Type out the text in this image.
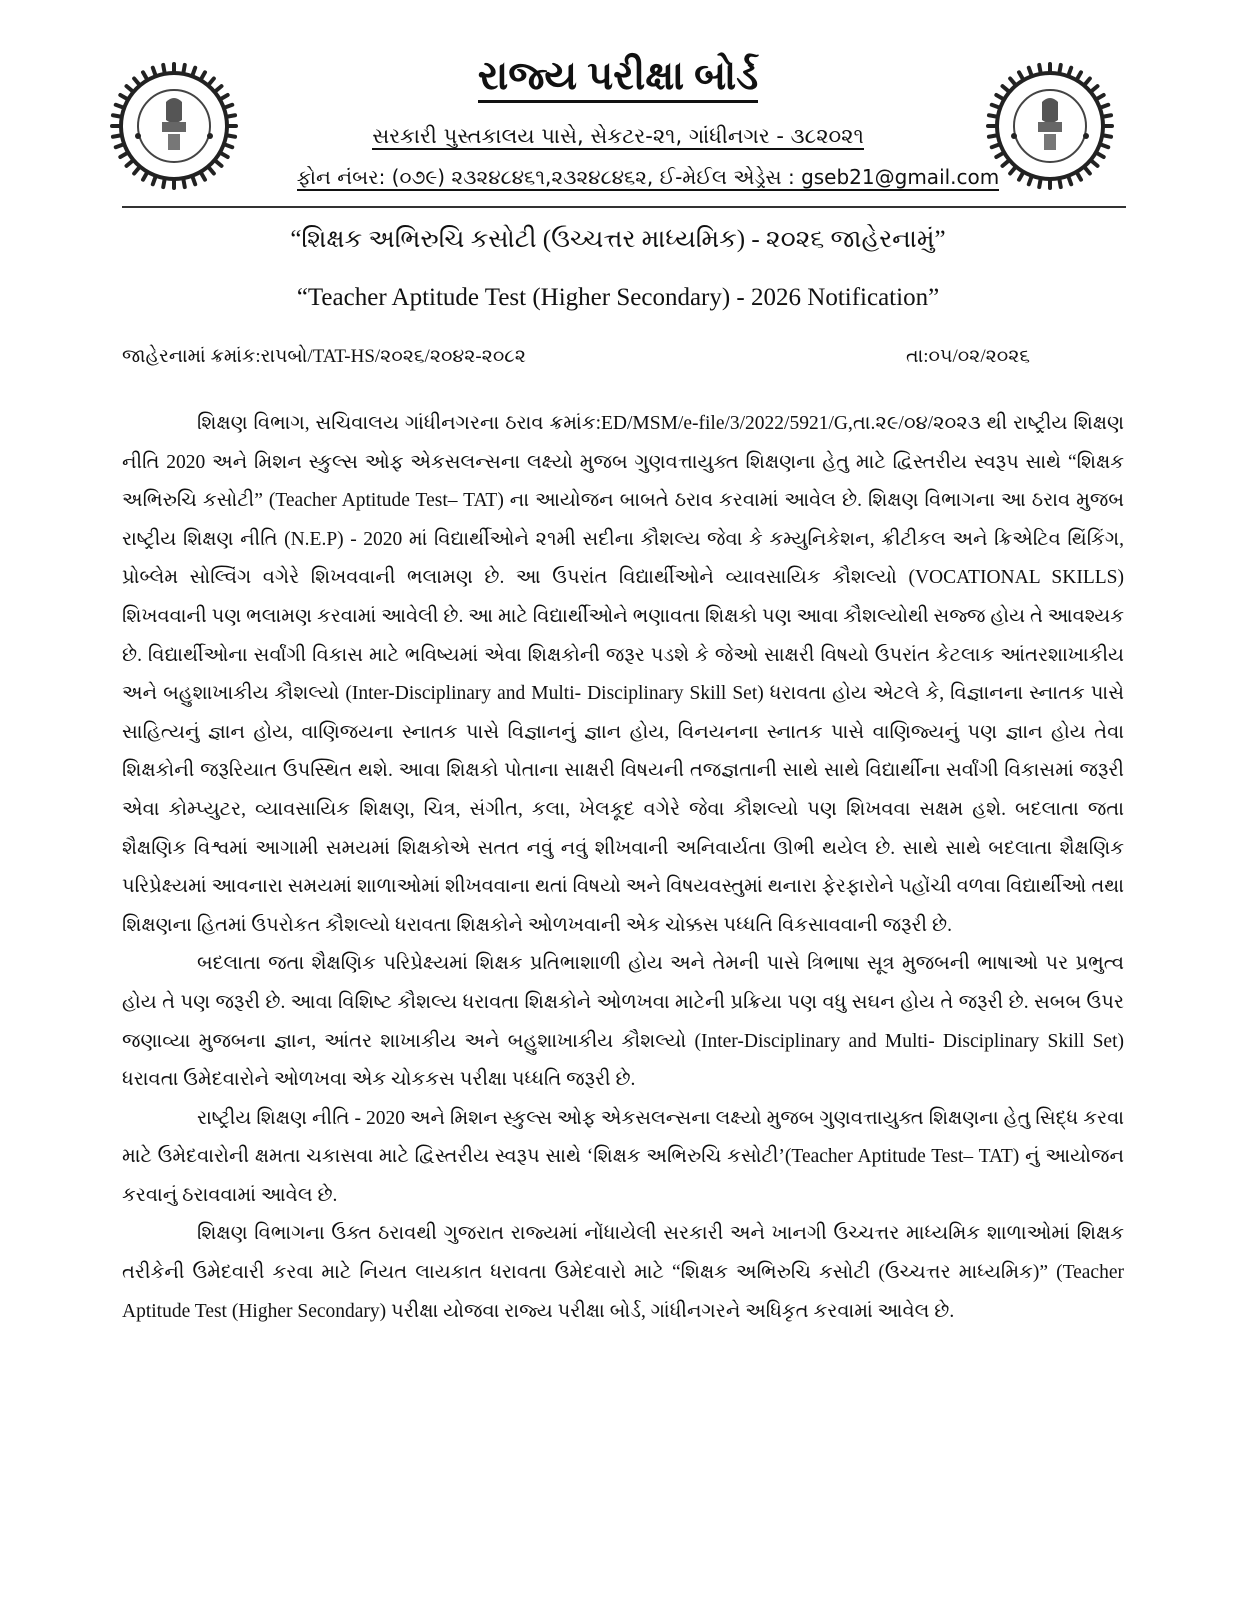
રાજ્ય પરીક્ષા બોર્ડ
સરકારી પુસ્તકાલય પાસે, સેકટર-૨૧, ગાંધીનગર - ૩૮૨૦૨૧
ફોન નંબર: (૦૭૯) ૨૩૨૪૮૪૬૧,૨૩૨૪૮૪૬૨, ઈ-મેઈલ એડ્રેસ : gseb21@gmail.com
“શિક્ષક અભિરુચિ કસોટી (ઉચ્ચત્તર માધ્યમિક) - ૨૦૨૬ જાહેરનામું”
“Teacher Aptitude Test (Higher Secondary) - 2026 Notification”
જાહેરનામાં ક્રમાંક:રાપબો/TAT-HS/૨૦૨૬/૨૦૪૨-૨૦૮૨	તા:૦૫/૦૨/૨૦૨૬

શિક્ષણ વિભાગ, સચિવાલય ગાંધીનગરના ઠરાવ ક્રમાંક:ED/MSM/e-file/3/2022/5921/G,તા.૨૯/૦૪/૨૦૨૩ થી રાષ્ટ્રીય શિક્ષણ નીતિ 2020 અને મિશન સ્કુલ્સ ઓફ એકસલન્સના લક્ષ્યો મુજબ ગુણવત્તાયુક્ત શિક્ષણના હેતુ માટે દ્વિસ્તરીય સ્વરૂપ સાથે “શિક્ષક અભિરુચિ કસોટી” (Teacher Aptitude Test– TAT) ના આયોજન બાબતે ઠરાવ કરવામાં આવેલ છે. શિક્ષણ વિભાગના આ ઠરાવ મુજબ રાષ્ટ્રીય શિક્ષણ નીતિ (N.E.P) - 2020 માં વિદ્યાર્થીઓને ૨૧મી સદીના કૌશલ્ય જેવા કે કમ્યુનિકેશન, ક્રીટીકલ અને ક્રિએટિવ થિંકિંગ, પ્રોબ્લેમ સોલ્વિંગ વગેરે શિખવવાની ભલામણ છે. આ ઉપરાંત વિદ્યાર્થીઓને વ્યાવસાયિક કૌશલ્યો (VOCATIONAL SKILLS) શિખવવાની પણ ભલામણ કરવામાં આવેલી છે. આ માટે વિદ્યાર્થીઓને ભણાવતા શિક્ષકો પણ આવા કૌશલ્યોથી સજ્જ હોય તે આવશ્યક છે. વિદ્યાર્થીઓના સર્વાંગી વિકાસ માટે ભવિષ્યમાં એવા શિક્ષકોની જરૂર પડશે કે જેઓ સાક્ષરી વિષયો ઉપરાંત કેટલાક આંતરશાખાકીય અને બહુશાખાકીય કૌશલ્યો (Inter-Disciplinary and Multi- Disciplinary Skill Set) ધરાવતા હોય એટલે કે, વિજ્ઞાનના સ્નાતક પાસે સાહિત્યનું જ્ઞાન હોય, વાણિજયના સ્નાતક પાસે વિજ્ઞાનનું જ્ઞાન હોય, વિનયનના સ્નાતક પાસે વાણિજ્યનું પણ જ્ઞાન હોય તેવા શિક્ષકોની જરૂરિયાત ઉપસ્થિત થશે. આવા શિક્ષકો પોતાના સાક્ષરી વિષયની તજજ્ઞતાની સાથે સાથે વિદ્યાર્થીના સર્વાંગી વિકાસમાં જરૂરી એવા કોમ્પ્યુટર, વ્યાવસાયિક શિક્ષણ, ચિત્ર, સંગીત, કલા, ખેલકૂદ વગેરે જેવા કૌશલ્યો પણ શિખવવા સક્ષમ હશે. બદલાતા જતા શૈક્ષણિક વિશ્વમાં આગામી સમયમાં શિક્ષકોએ સતત નવું નવું શીખવાની અનિવાર્યતા ઊભી થયેલ છે. સાથે સાથે બદલાતા શૈક્ષણિક પરિપ્રેક્ષ્યમાં આવનારા સમયમાં શાળાઓમાં શીખવવાના થતાં વિષયો અને વિષયવસ્તુમાં થનારા ફેરફારોને પહોંચી વળવા વિદ્યાર્થીઓ તથા શિક્ષણના હિતમાં ઉપરોકત કૌશલ્યો ધરાવતા શિક્ષકોને ઓળખવાની એક ચોક્કસ પધ્ધતિ વિકસાવવાની જરૂરી છે.

બદલાતા જતા શૈક્ષણિક પરિપ્રેક્ષ્યમાં શિક્ષક પ્રતિભાશાળી હોય અને તેમની પાસે ત્રિભાષા સૂત્ર મુજબની ભાષાઓ પર પ્રભુત્વ હોય તે પણ જરૂરી છે. આવા વિશિષ્ટ કૌશલ્ય ધરાવતા શિક્ષકોને ઓળખવા માટેની પ્રક્રિયા પણ વધુ સઘન હોય તે જરૂરી છે. સબબ ઉપર જણાવ્યા મુજબના જ્ઞાન, આંતર શાખાકીય અને બહુશાખાકીય કૌશલ્યો (Inter-Disciplinary and Multi- Disciplinary Skill Set) ધરાવતા ઉમેદવારોને ઓળખવા એક ચોકકસ પરીક્ષા પધ્ધતિ જરૂરી છે.

રાષ્ટ્રીય શિક્ષણ નીતિ - 2020 અને મિશન સ્કુલ્સ ઓફ એકસલન્સના લક્ષ્યો મુજબ ગુણવત્તાયુક્ત શિક્ષણના હેતુ સિદ્ધ કરવા માટે ઉમેદવારોની ક્ષમતા ચકાસવા માટે દ્વિસ્તરીય સ્વરૂપ સાથે ‘શિક્ષક અભિરુચિ કસોટી’(Teacher Aptitude Test– TAT) નું આયોજન કરવાનું ઠરાવવામાં આવેલ છે.

શિક્ષણ વિભાગના ઉક્ત ઠરાવથી ગુજરાત રાજ્યમાં નોંધાયેલી સરકારી અને ખાનગી ઉચ્ચત્તર માધ્યમિક શાળાઓમાં શિક્ષક તરીકેની ઉમેદવારી કરવા માટે નિયત લાયકાત ધરાવતા ઉમેદવારો માટે “શિક્ષક અભિરુચિ કસોટી (ઉચ્ચત્તર માધ્યમિક)” (Teacher Aptitude Test (Higher Secondary) પરીક્ષા યોજવા રાજ્ય પરીક્ષા બોર્ડ, ગાંધીનગરને અધિકૃત કરવામાં આવેલ છે.
